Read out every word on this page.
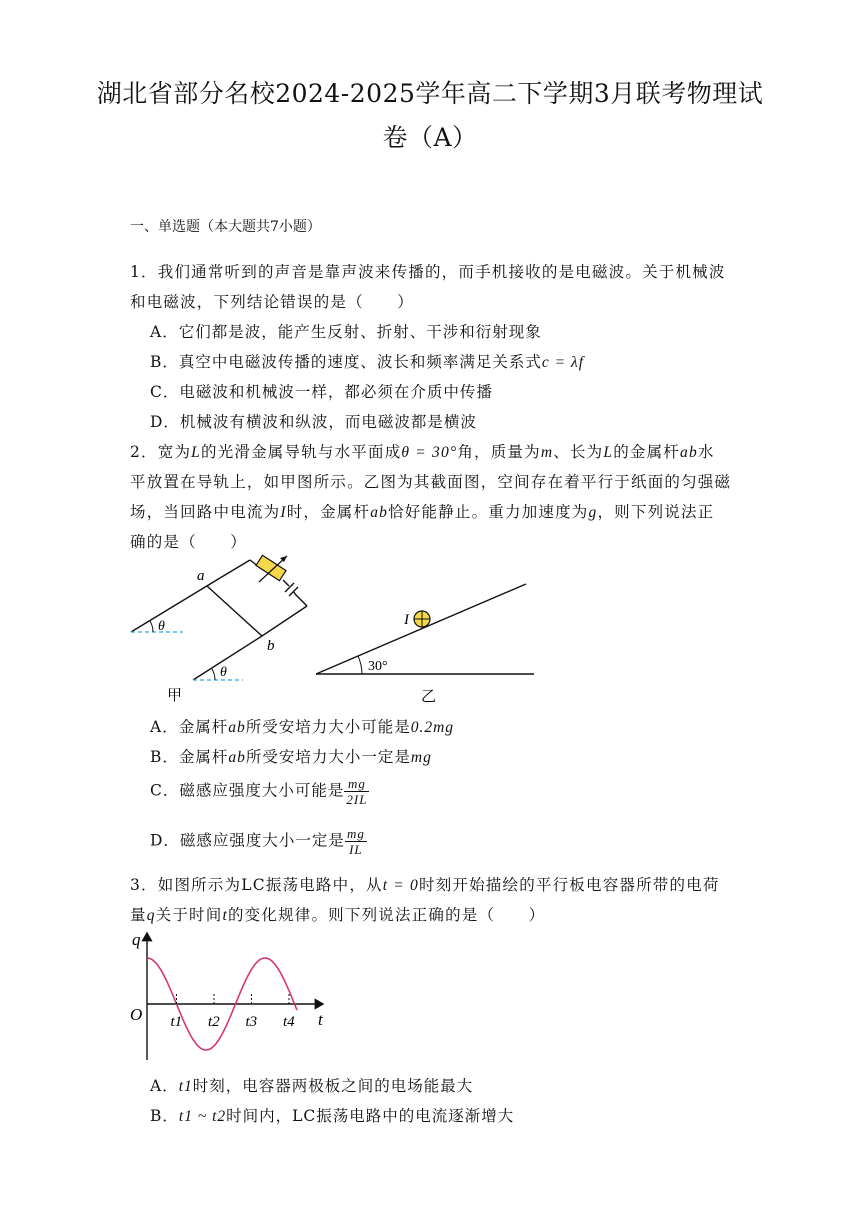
湖北省部分名校2024-2025学年高二下学期3月联考物理试
卷（A）
一、单选题（本大题共7小题）
1．我们通常听到的声音是靠声波来传播的，而手机接收的是电磁波。关于机械波
和电磁波，下列结论错误的是（　　）
A．它们都是波，能产生反射、折射、干涉和衍射现象
B．真空中电磁波传播的速度、波长和频率满足关系式c = λf
C．电磁波和机械波一样，都必须在介质中传播
D．机械波有横波和纵波，而电磁波都是横波
2．宽为L的光滑金属导轨与水平面成θ = 30°角，质量为m、长为L的金属杆ab水
平放置在导轨上，如甲图所示。乙图为其截面图，空间存在着平行于纸面的匀强磁
场，当回路中电流为I时，金属杆ab恰好能静止。重力加速度为g，则下列说法正
确的是（　　）
a
b
θ
θ
甲
30°
I
乙
A．金属杆ab所受安培力大小可能是0.2mg
B．金属杆ab所受安培力大小一定是mg
C．磁感应强度大小可能是 $\frac{mg}{2IL}$
D．磁感应强度大小一定是 $\frac{mg}{IL}$
3．如图所示为LC振荡电路中，从t = 0时刻开始描绘的平行板电容器所带的电荷
量q关于时间t的变化规律。则下列说法正确的是（　　）
t1 t2 t3 t4
q
t
O
A．t1时刻，电容器两极板之间的电场能最大
B．t1 ~ t2时间内，LC振荡电路中的电流逐渐增大
